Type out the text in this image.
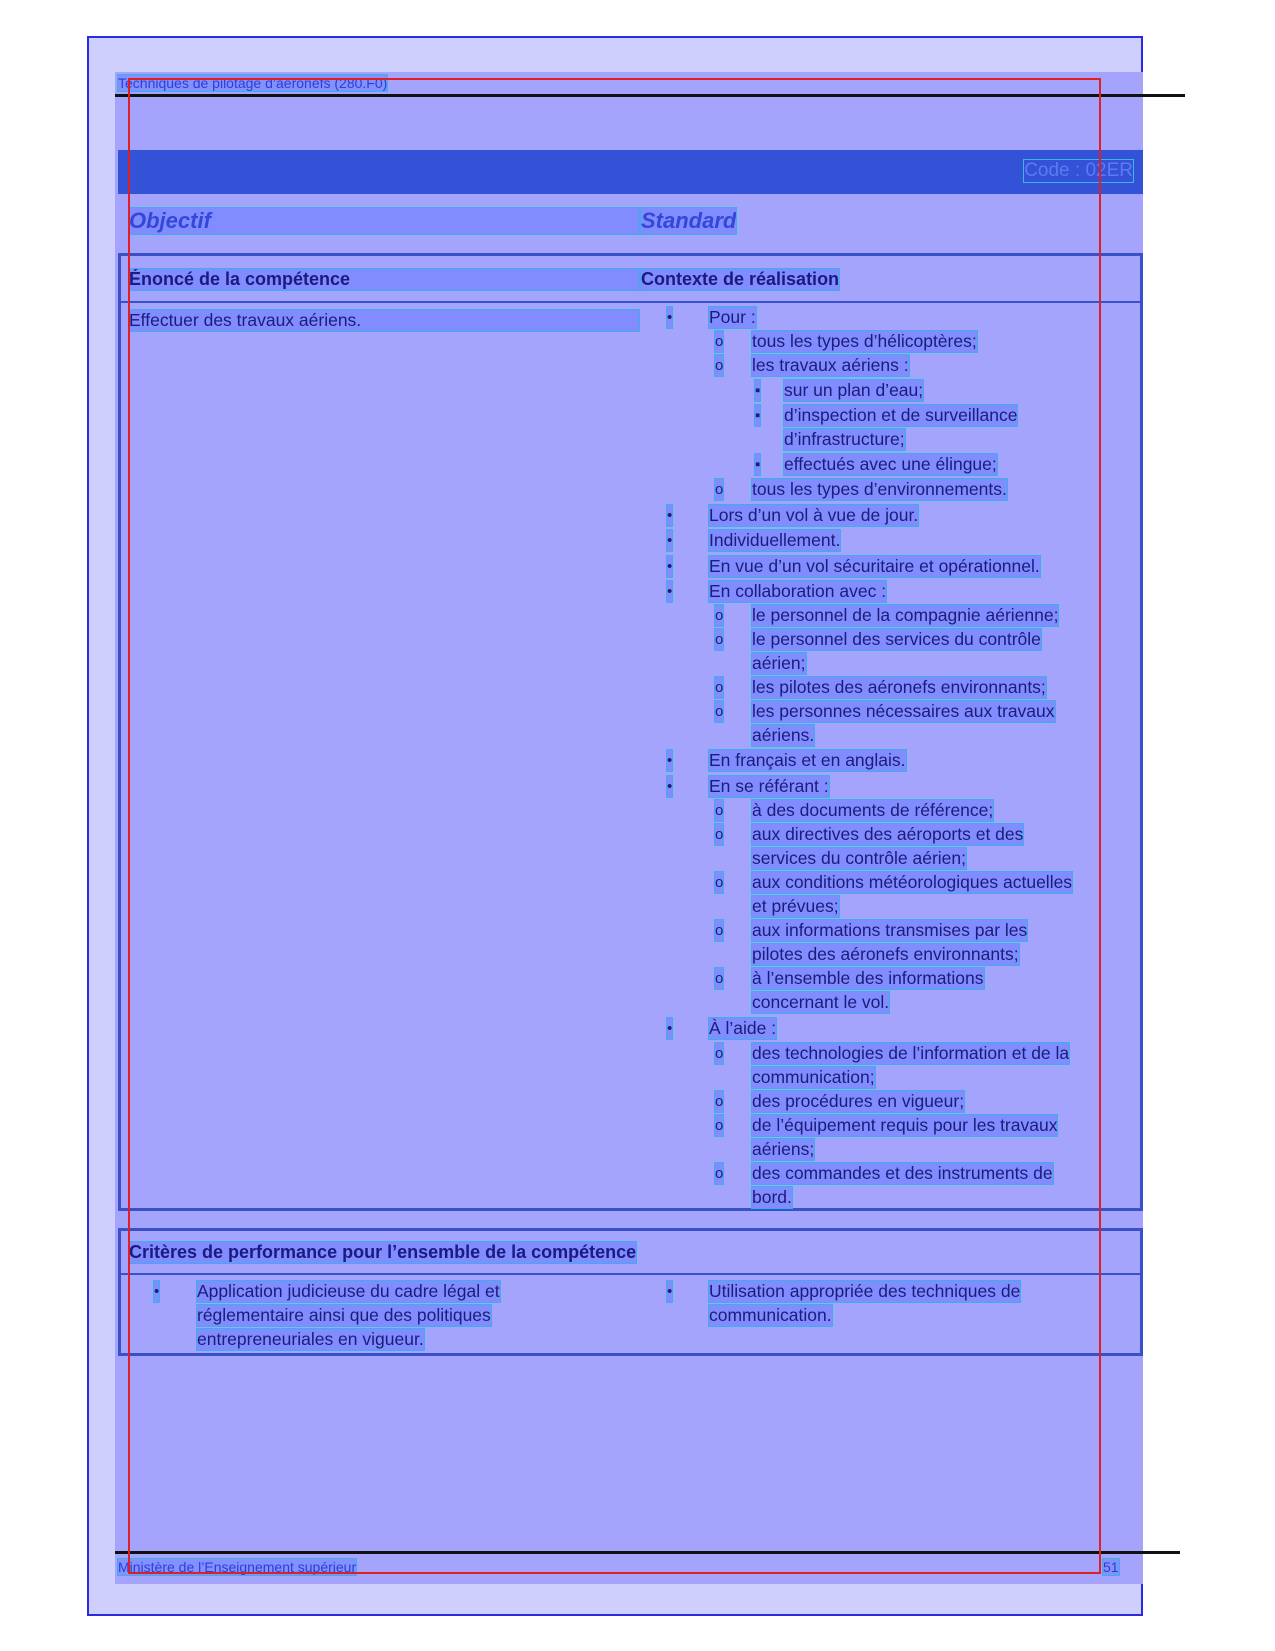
Techniques de pilotage d’aéronefs (280.F0)
Code : 02ER
Objectif	Standard
Énoncé de la compétence	Contexte de réalisation
Effectuer des travaux aériens.	• Pour :
o tous les types d’hélicoptères;
o les travaux aériens :
▪ sur un plan d’eau;
▪ d’inspection et de surveillance
d’infrastructure;
▪ effectués avec une élingue;
o tous les types d’environnements.
• Lors d’un vol à vue de jour.
• Individuellement.
• En vue d’un vol sécuritaire et opérationnel.
• En collaboration avec :
o le personnel de la compagnie aérienne;
o le personnel des services du contrôle
aérien;
o les pilotes des aéronefs environnants;
o les personnes nécessaires aux travaux
aériens.
• En français et en anglais.
• En se référant :
o à des documents de référence;
o aux directives des aéroports et des
services du contrôle aérien;
o aux conditions météorologiques actuelles
et prévues;
o aux informations transmises par les
pilotes des aéronefs environnants;
o à l’ensemble des informations
concernant le vol.
• À l’aide :
o des technologies de l’information et de la
communication;
o des procédures en vigueur;
o de l’équipement requis pour les travaux
aériens;
o des commandes et des instruments de
bord.
Critères de performance pour l’ensemble de la compétence
• Application judicieuse du cadre légal et
réglementaire ainsi que des politiques
entrepreneuriales en vigueur.
• Utilisation appropriée des techniques de
communication.
Ministère de l’Enseignement supérieur	51
